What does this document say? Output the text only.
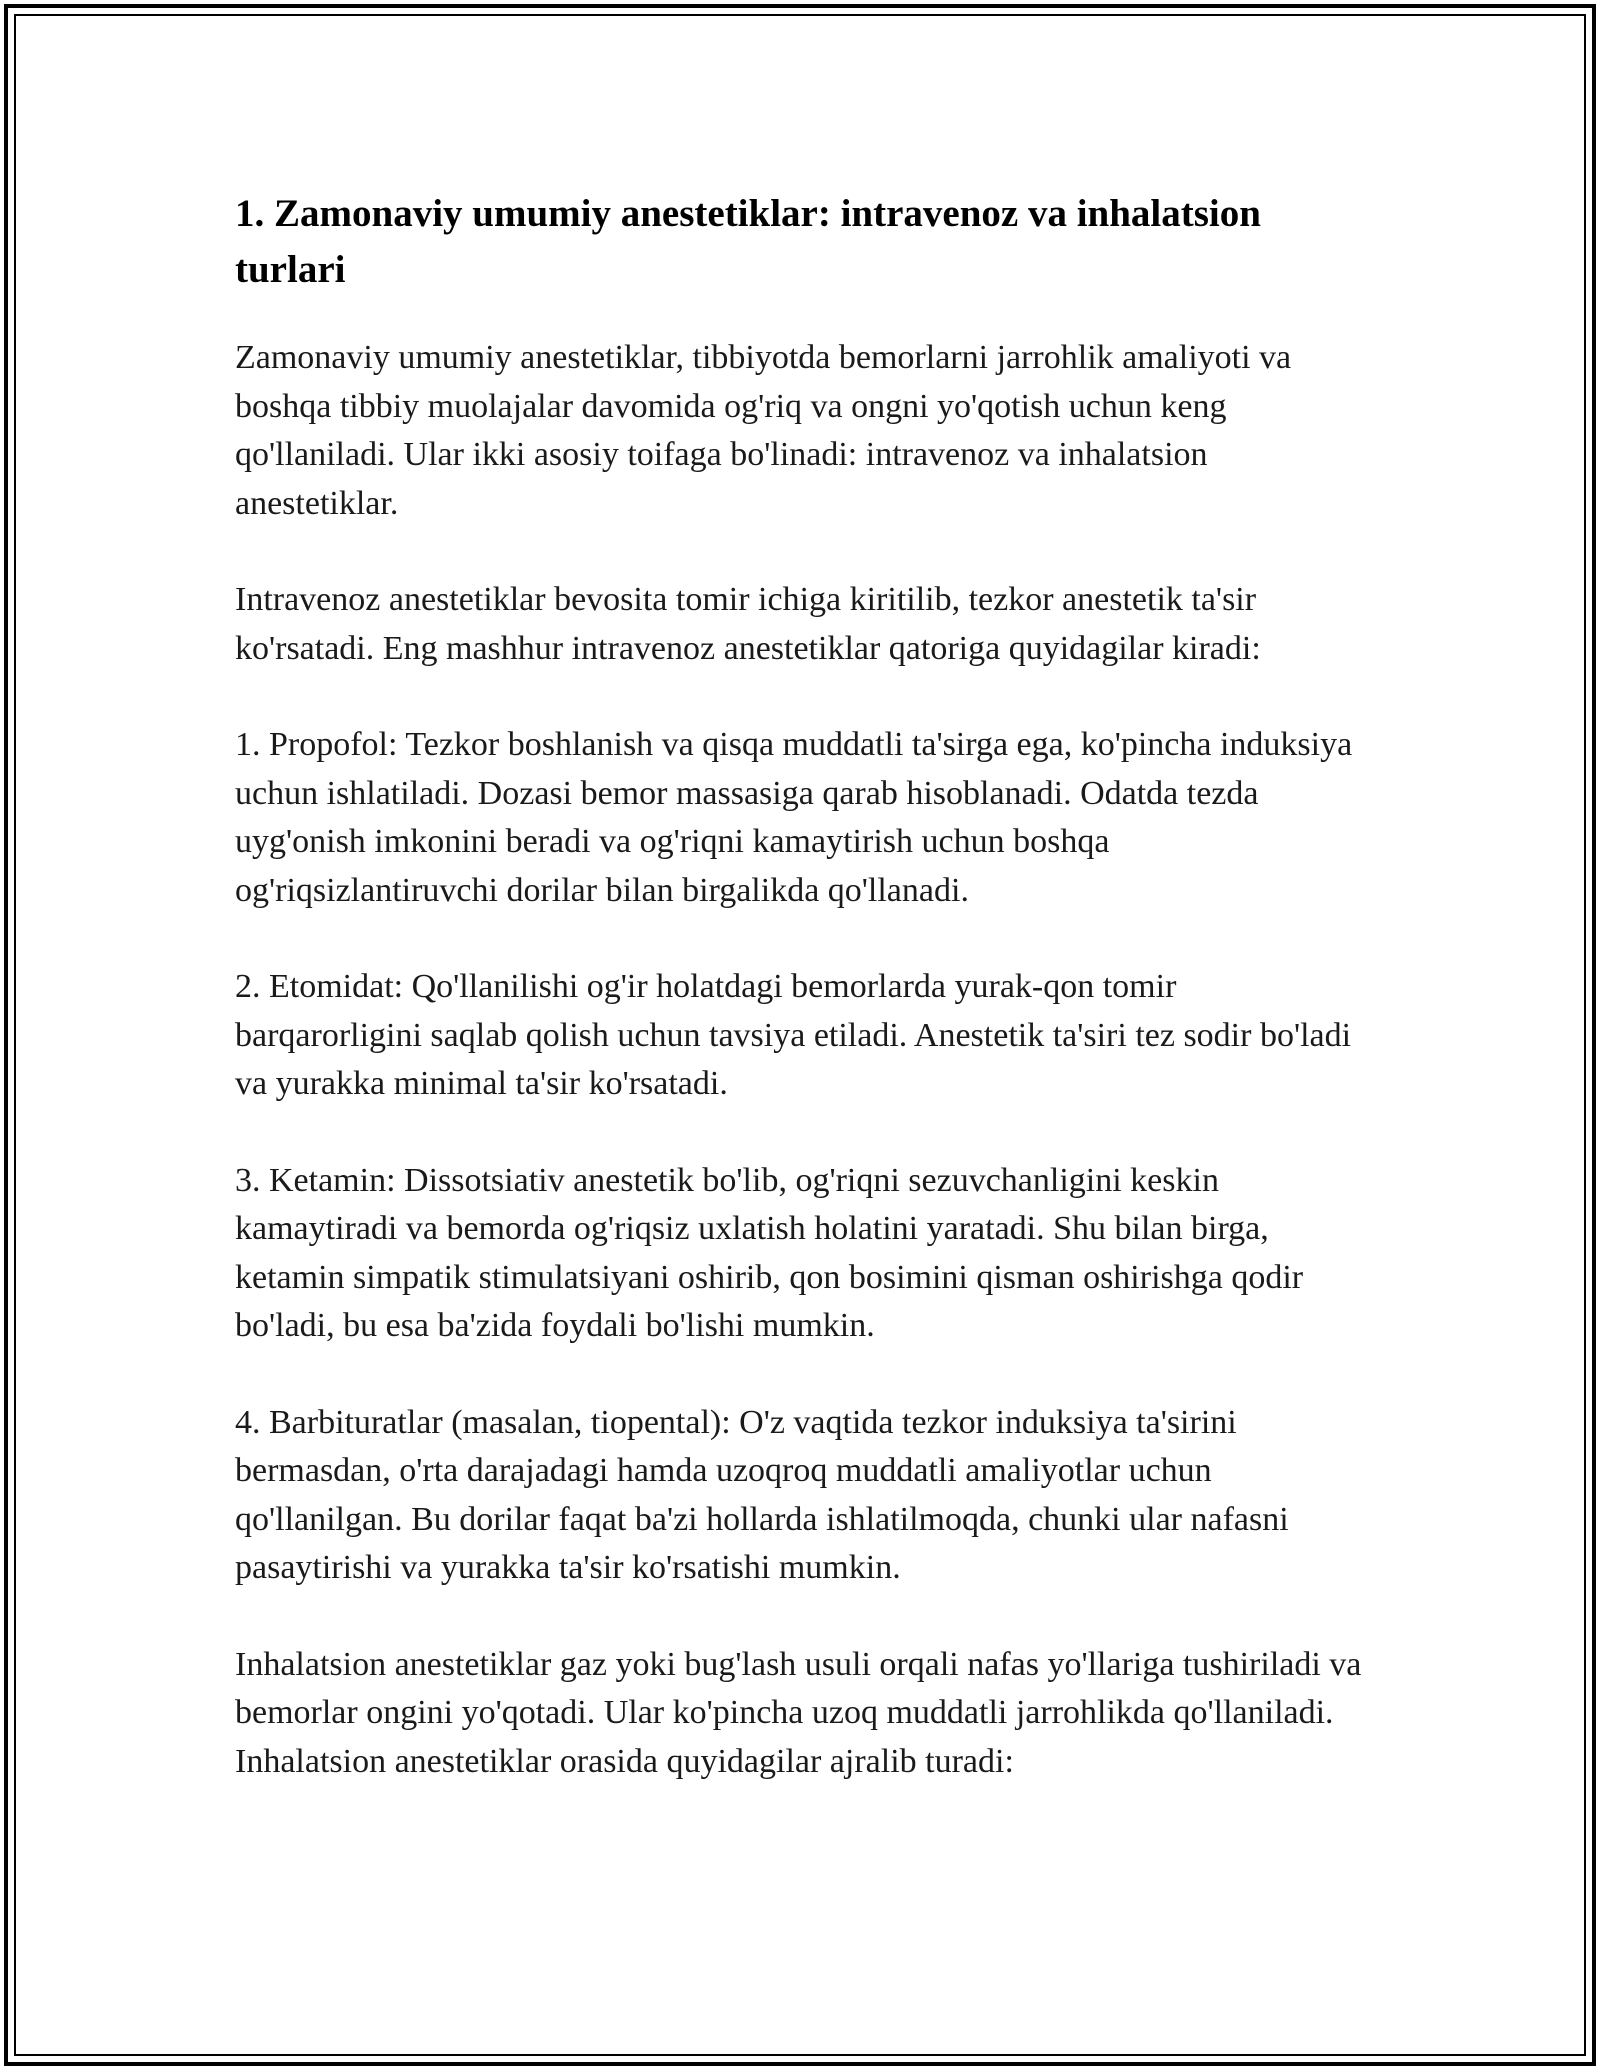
1. Zamonaviy umumiy anestetiklar: intravenoz va inhalatsion turlari

Zamonaviy umumiy anestetiklar, tibbiyotda bemorlarni jarrohlik amaliyoti va boshqa tibbiy muolajalar davomida og'riq va ongni yo'qotish uchun keng qo'llaniladi. Ular ikki asosiy toifaga bo'linadi: intravenoz va inhalatsion anestetiklar.

Intravenoz anestetiklar bevosita tomir ichiga kiritilib, tezkor anestetik ta'sir ko'rsatadi. Eng mashhur intravenoz anestetiklar qatoriga quyidagilar kiradi:

1. Propofol: Tezkor boshlanish va qisqa muddatli ta'sirga ega, ko'pincha induksiya uchun ishlatiladi. Dozasi bemor massasiga qarab hisoblanadi. Odatda tezda uyg'onish imkonini beradi va og'riqni kamaytirish uchun boshqa og'riqsizlantiruvchi dorilar bilan birgalikda qo'llanadi.

2. Etomidat: Qo'llanilishi og'ir holatdagi bemorlarda yurak-qon tomir barqarorligini saqlab qolish uchun tavsiya etiladi. Anestetik ta'siri tez sodir bo'ladi va yurakka minimal ta'sir ko'rsatadi.

3. Ketamin: Dissotsiativ anestetik bo'lib, og'riqni sezuvchanligini keskin kamaytiradi va bemorda og'riqsiz uxlatish holatini yaratadi. Shu bilan birga, ketamin simpatik stimulatsiyani oshirib, qon bosimini qisman oshirishga qodir bo'ladi, bu esa ba'zida foydali bo'lishi mumkin.

4. Barbituratlar (masalan, tiopental): O'z vaqtida tezkor induksiya ta'sirini bermasdan, o'rta darajadagi hamda uzoqroq muddatli amaliyotlar uchun qo'llanilgan. Bu dorilar faqat ba'zi hollarda ishlatilmoqda, chunki ular nafasni pasaytirishi va yurakka ta'sir ko'rsatishi mumkin.

Inhalatsion anestetiklar gaz yoki bug'lash usuli orqali nafas yo'llariga tushiriladi va bemorlar ongini yo'qotadi. Ular ko'pincha uzoq muddatli jarrohlikda qo'llaniladi. Inhalatsion anestetiklar orasida quyidagilar ajralib turadi:
